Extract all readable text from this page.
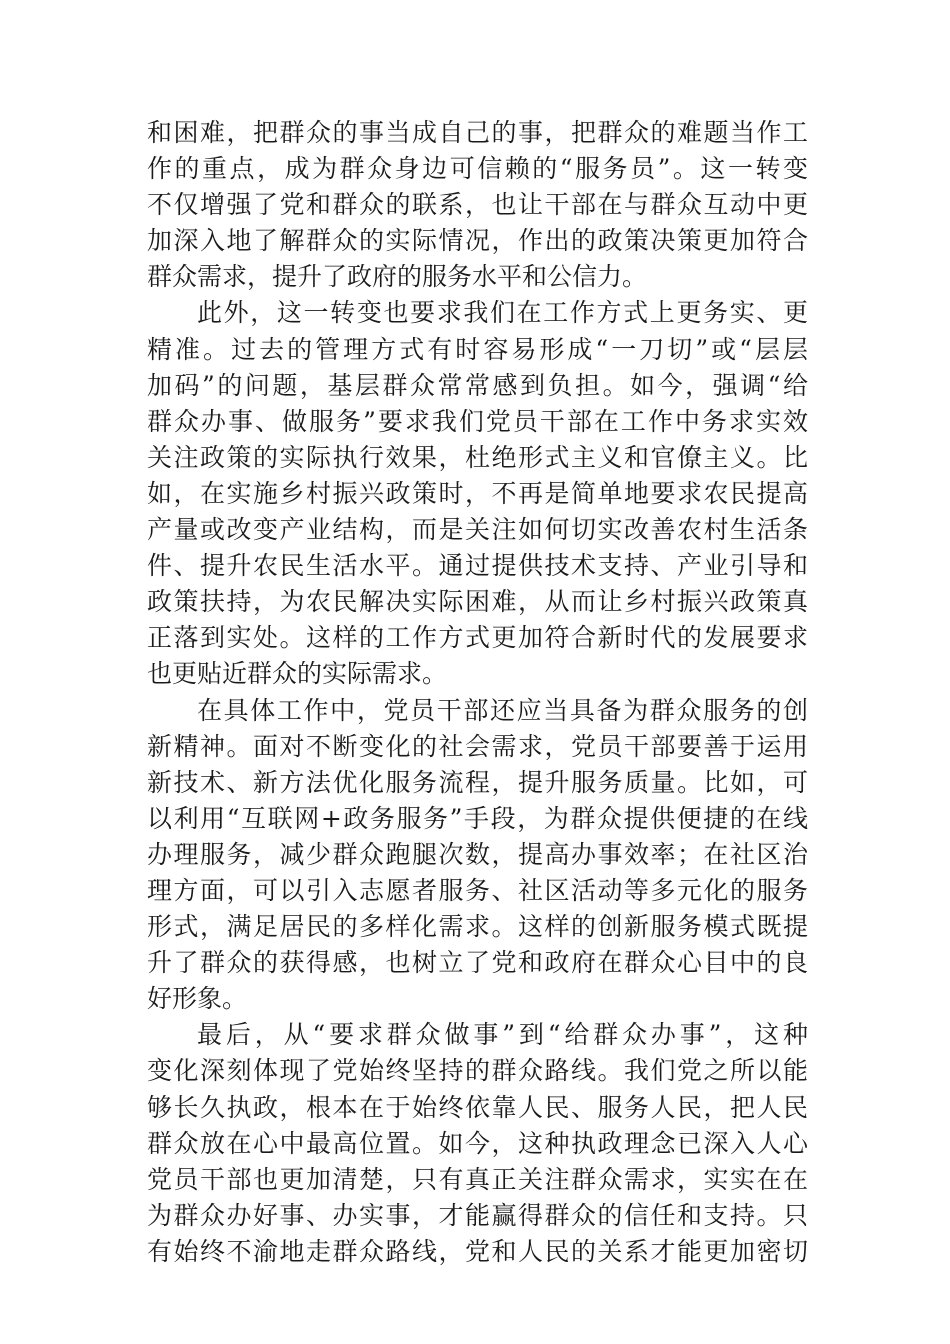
和困难，把群众的事当成自己的事，把群众的难题当作工
作的重点，成为群众身边可信赖的“服务员”。这一转变
不仅增强了党和群众的联系，也让干部在与群众互动中更
加深入地了解群众的实际情况，作出的政策决策更加符合
群众需求，提升了政府的服务水平和公信力。
此外，这一转变也要求我们在工作方式上更务实、更
精准。过去的管理方式有时容易形成“一刀切”或“层层
加码”的问题，基层群众常常感到负担。如今，强调“给
群众办事、做服务”要求我们党员干部在工作中务求实效
关注政策的实际执行效果，杜绝形式主义和官僚主义。比
如，在实施乡村振兴政策时，不再是简单地要求农民提高
产量或改变产业结构，而是关注如何切实改善农村生活条
件、提升农民生活水平。通过提供技术支持、产业引导和
政策扶持，为农民解决实际困难，从而让乡村振兴政策真
正落到实处。这样的工作方式更加符合新时代的发展要求
也更贴近群众的实际需求。
在具体工作中，党员干部还应当具备为群众服务的创
新精神。面对不断变化的社会需求，党员干部要善于运用
新技术、新方法优化服务流程，提升服务质量。比如，可
以利用“互联网+政务服务”手段，为群众提供便捷的在线
办理服务，减少群众跑腿次数，提高办事效率；在社区治
理方面，可以引入志愿者服务、社区活动等多元化的服务
形式，满足居民的多样化需求。这样的创新服务模式既提
升了群众的获得感，也树立了党和政府在群众心目中的良
好形象。
最后，从“要求群众做事”到“给群众办事”，这种
变化深刻体现了党始终坚持的群众路线。我们党之所以能
够长久执政，根本在于始终依靠人民、服务人民，把人民
群众放在心中最高位置。如今，这种执政理念已深入人心
党员干部也更加清楚，只有真正关注群众需求，实实在在
为群众办好事、办实事，才能赢得群众的信任和支持。只
有始终不渝地走群众路线，党和人民的关系才能更加密切
